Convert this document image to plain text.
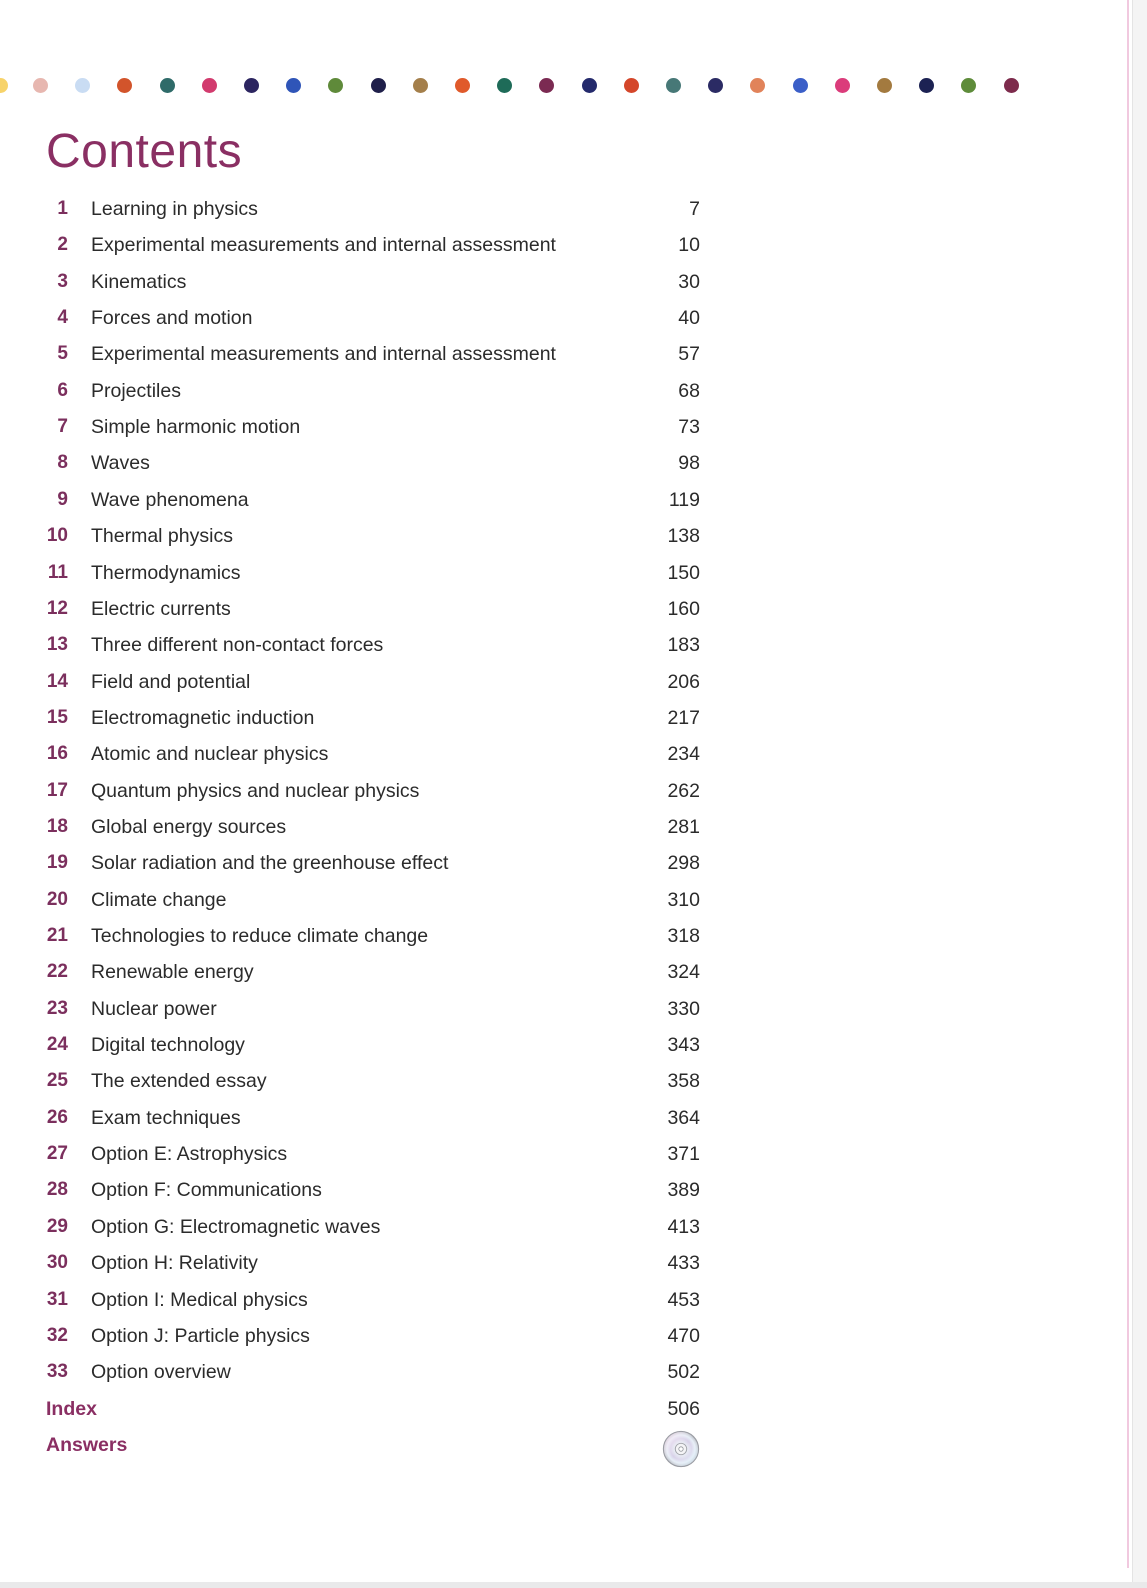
Contents
1 Learning in physics	7
2 Experimental measurements and internal assessment	10
3 Kinematics	30
4 Forces and motion	40
5 Experimental measurements and internal assessment	57
6 Projectiles	68
7 Simple harmonic motion	73
8 Waves	98
9 Wave phenomena	119
10 Thermal physics	138
11 Thermodynamics	150
12 Electric currents	160
13 Three different non-contact forces	183
14 Field and potential	206
15 Electromagnetic induction	217
16 Atomic and nuclear physics	234
17 Quantum physics and nuclear physics	262
18 Global energy sources	281
19 Solar radiation and the greenhouse effect	298
20 Climate change	310
21 Technologies to reduce climate change	318
22 Renewable energy	324
23 Nuclear power	330
24 Digital technology	343
25 The extended essay	358
26 Exam techniques	364
27 Option E: Astrophysics	371
28 Option F: Communications	389
29 Option G: Electromagnetic waves	413
30 Option H: Relativity	433
31 Option I: Medical physics	453
32 Option J: Particle physics	470
33 Option overview	502
Index	506
Answers
